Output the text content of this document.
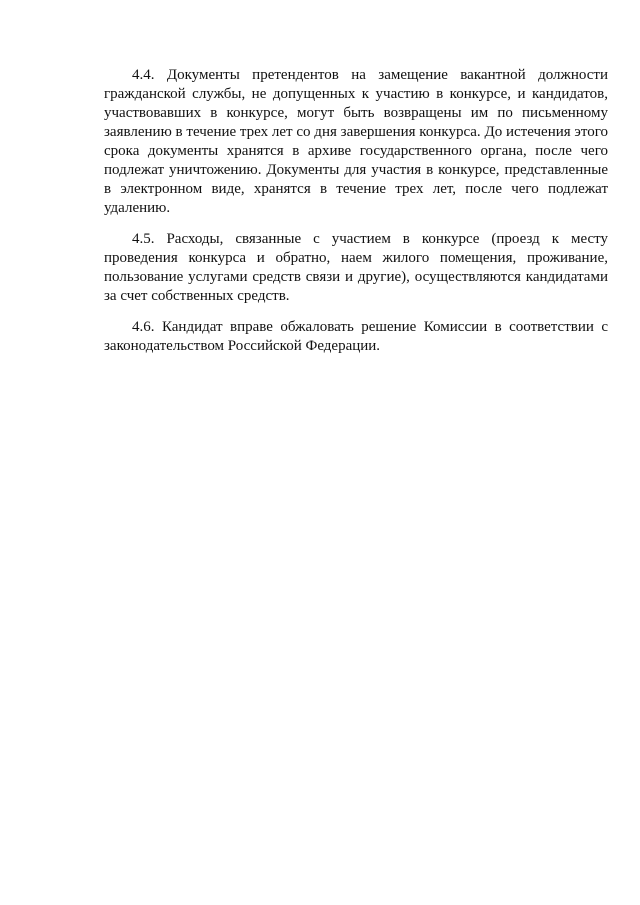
4.4. Документы претендентов на замещение вакантной должности гражданской службы, не допущенных к участию в конкурсе, и кандидатов, участвовавших в конкурсе, могут быть возвращены им по письменному заявлению в течение трех лет со дня завершения конкурса. До истечения этого срока документы хранятся в архиве государственного органа, после чего подлежат уничтожению. Документы для участия в конкурсе, представленные в электронном виде, хранятся в течение трех лет, после чего подлежат удалению.

4.5. Расходы, связанные с участием в конкурсе (проезд к месту проведения конкурса и обратно, наем жилого помещения, проживание, пользование услугами средств связи и другие), осуществляются кандидатами за счет собственных средств.

4.6. Кандидат вправе обжаловать решение Комиссии в соответствии с законодательством Российской Федерации.
